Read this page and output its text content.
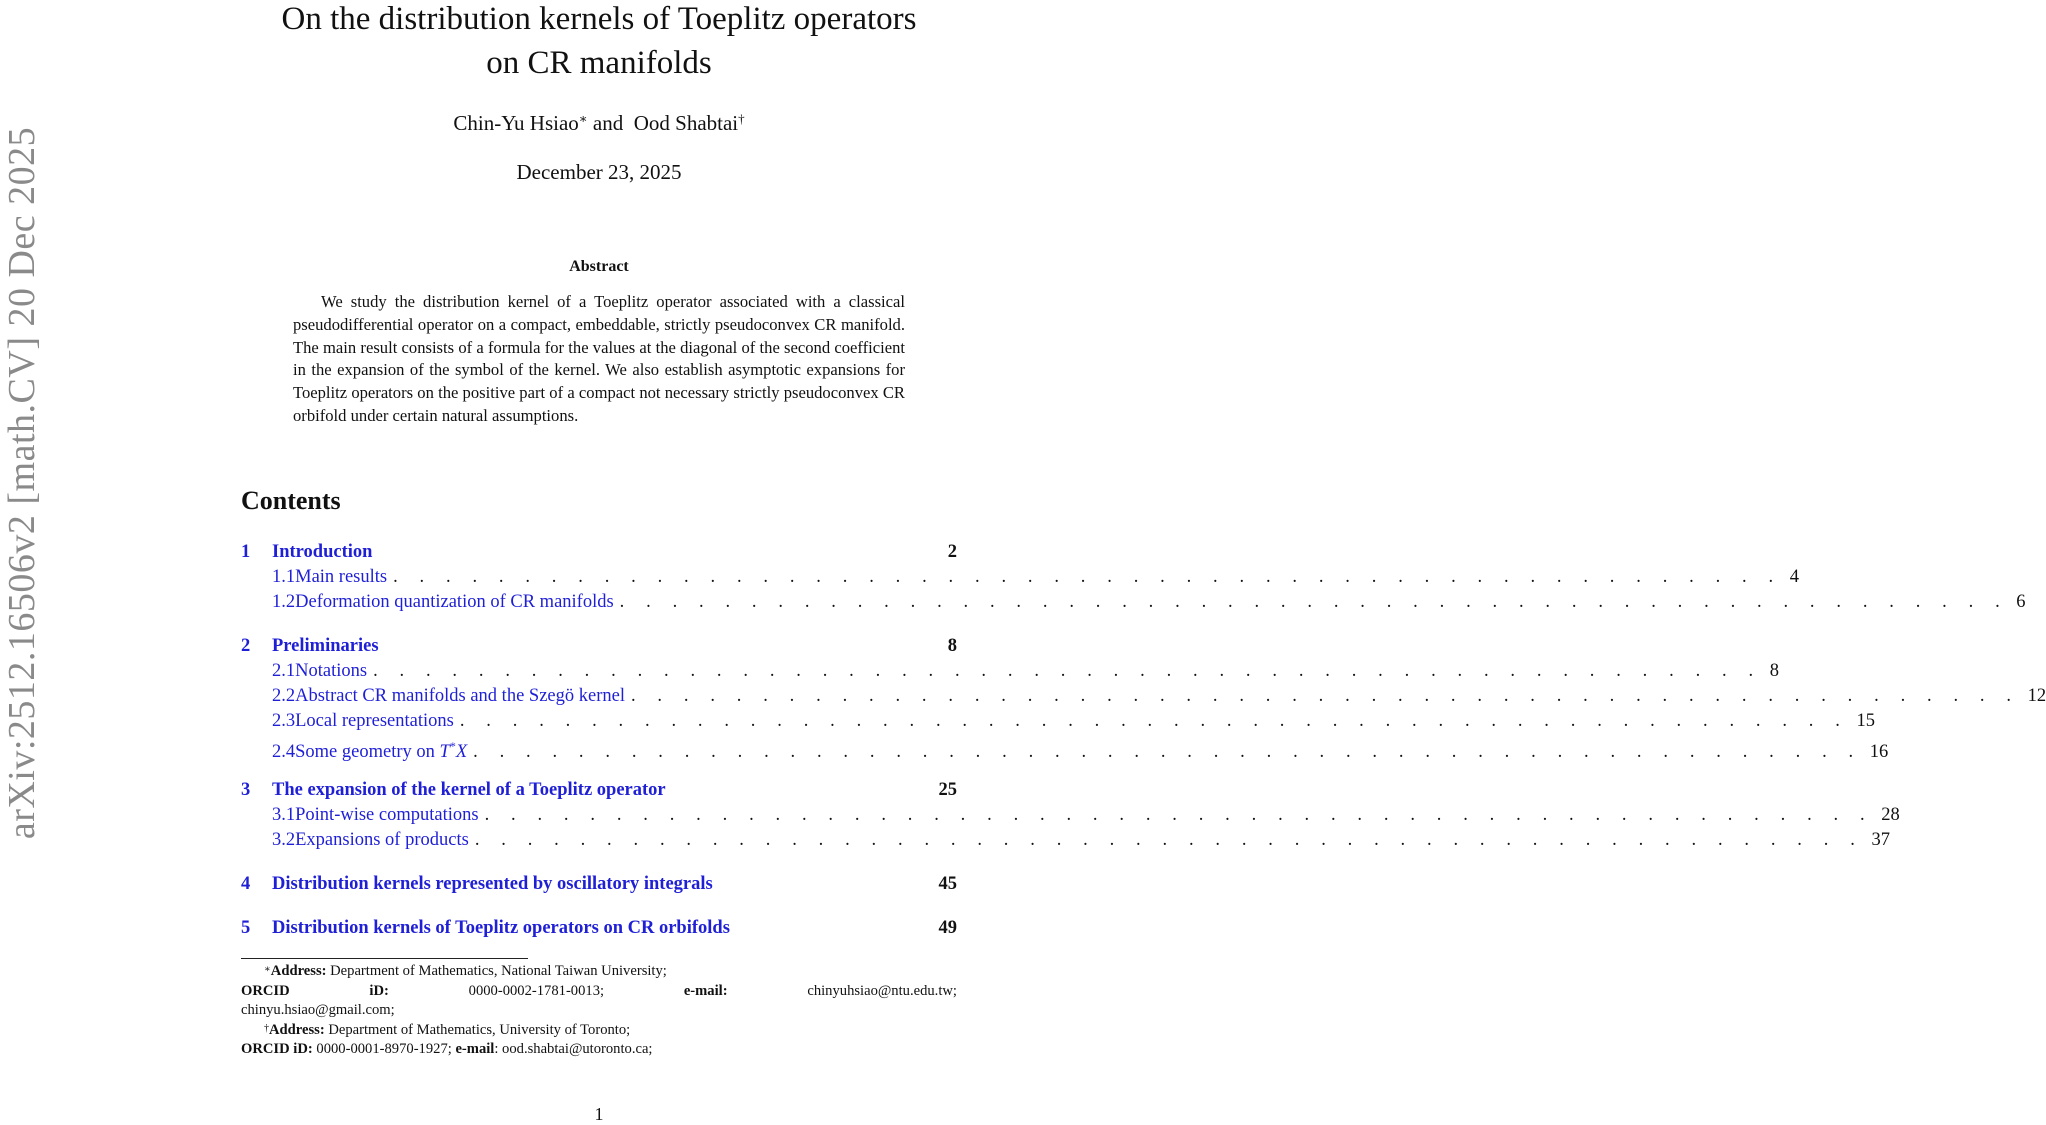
arXiv:2512.16506v2 [math.CV] 20 Dec 2025
On the distribution kernels of Toeplitz operators
on CR manifolds
Chin-Yu Hsiao∗ and  Ood Shabtai†
December 23, 2025
Abstract

We study the distribution kernel of a Toeplitz operator associated with a classical pseudodifferential operator on a compact, embeddable, strictly pseudoconvex CR manifold. The main result consists of a formula for the values at the diagonal of the second coefficient in the expansion of the symbol of the kernel. We also establish asymptotic expansions for Toeplitz operators on the positive part of a compact not necessary strictly pseudoconvex CR orbifold under certain natural assumptions.

Contents
1	Introduction	2
1.1 Main results . . . . . . . . . . . . . . . . . . . . . . . . . . . . . . . . . . . . . . . . . . . . . . . . . . . . . 4
1.2 Deformation quantization of CR manifolds . . . . . . . . . . . . . . . . . . . . . . . . . . . . . . . . . . . . . . . . . . . . . . . . . . . . . 6
2	Preliminaries	8
2.1 Notations . . . . . . . . . . . . . . . . . . . . . . . . . . . . . . . . . . . . . . . . . . . . . . . . . . . . . 8
2.2 Abstract CR manifolds and the Szegö kernel . . . . . . . . . . . . . . . . . . . . . . . . . . . . . . . . . . . . . . . . . . . . . . . . . . . . . 12
2.3 Local representations . . . . . . . . . . . . . . . . . . . . . . . . . . . . . . . . . . . . . . . . . . . . . . . . . . . . . 15
2.4 Some geometry on T*X . . . . . . . . . . . . . . . . . . . . . . . . . . . . . . . . . . . . . . . . . . . . . . . . . . . . . 16
3	The expansion of the kernel of a Toeplitz operator	25
3.1 Point-wise computations . . . . . . . . . . . . . . . . . . . . . . . . . . . . . . . . . . . . . . . . . . . . . . . . . . . . . 28
3.2 Expansions of products . . . . . . . . . . . . . . . . . . . . . . . . . . . . . . . . . . . . . . . . . . . . . . . . . . . . . 37
4	Distribution kernels represented by oscillatory integrals	45
5	Distribution kernels of Toeplitz operators on CR orbifolds	49
∗Address: Department of Mathematics, National Taiwan University;
ORCID	iD:	0000-0002-1781-0013;	e-mail:	chinyuhsiao@ntu.edu.tw;
chinyu.hsiao@gmail.com;
†Address: Department of Mathematics, University of Toronto;
ORCID iD: 0000-0001-8970-1927; e-mail: ood.shabtai@utoronto.ca;
1
